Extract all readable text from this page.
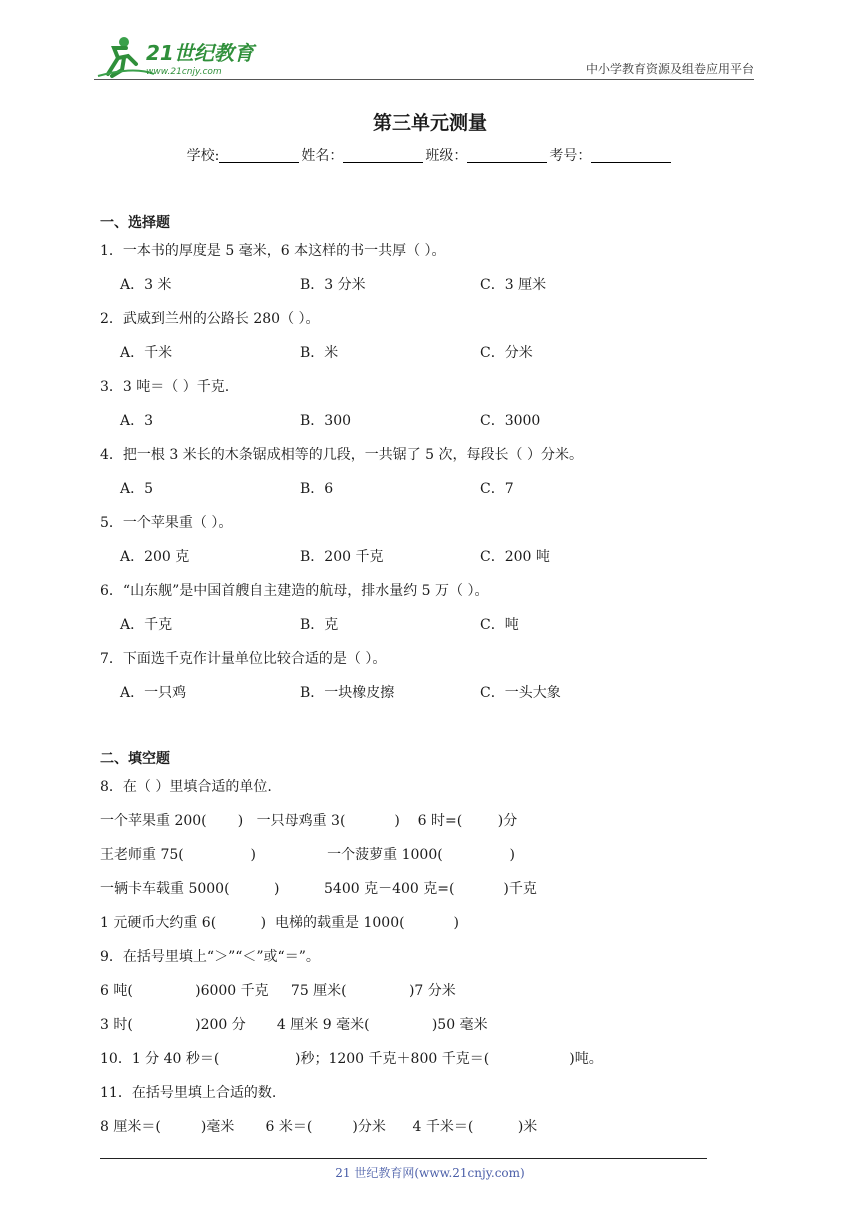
21世纪教育
www.21cnjy.com	中小学教育资源及组卷应用平台
第三单元测量
学校:	姓名：	班级：	考号：
一、选择题
1．一本书的厚度是 5 毫米，6 本这样的书一共厚（ ）。
A．3 米	B．3 分米	C．3 厘米
2．武威到兰州的公路长 280（ ）。
A．千米	B．米	C．分米
3．3 吨＝（ ）千克.
A．3	B．300	C．3000
4．把一根 3 米长的木条锯成相等的几段，一共锯了 5 次，每段长（ ）分米。
A．5	B．6	C．7
5．一个苹果重（ ）。
A．200 克	B．200 千克	C．200 吨
6．“山东舰”是中国首艘自主建造的航母，排水量约 5 万（ ）。
A．千克	B．克	C．吨
7．下面选千克作计量单位比较合适的是（ ）。
A．一只鸡	B．一块橡皮擦	C．一头大象
二、填空题
8．在（ ）里填合适的单位.
一个苹果重 200(       )   一只母鸡重 3(           )    6 时=(        )分
王老师重 75(               )                一个菠萝重 1000(               )
一辆卡车载重 5000(          )          5400 克－400 克=(           )千克
1 元硬币大约重 6(          )  电梯的载重是 1000(           )
9．在括号里填上“＞”“＜”或“＝”。
6 吨(              )6000 千克     75 厘米(              )7 分米
3 时(              )200 分       4 厘米 9 毫米(              )50 毫米
10．1 分 40 秒＝(                 )秒；1200 千克＋800 千克＝(                  )吨。
11．在括号里填上合适的数.
8 厘米＝(         )毫米       6 米＝(         )分米      4 千米＝(          )米
21 世纪教育网(www.21cnjy.com)
